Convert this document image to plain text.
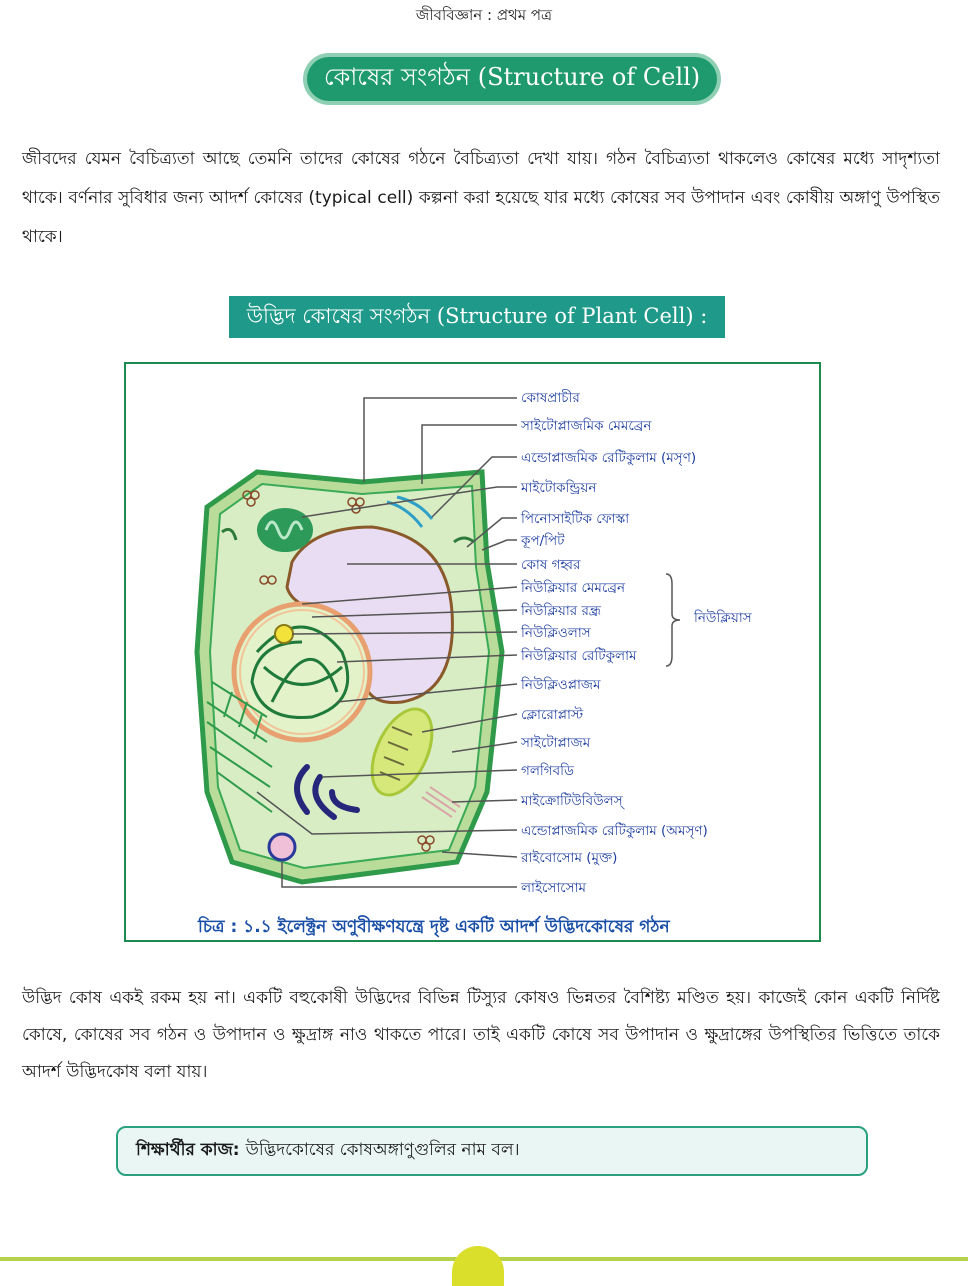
জীববিজ্ঞান : প্রথম পত্র
কোষের সংগঠন (Structure of Cell)
জীবদের যেমন বৈচিত্র্যতা আছে তেমনি তাদের কোষের গঠনে বৈচিত্র্যতা দেখা যায়। গঠন বৈচিত্র্যতা থাকলেও কোষের মধ্যে সাদৃশ্যতা থাকে। বর্ণনার সুবিধার জন্য আদর্শ কোষের (typical cell) কল্পনা করা হয়েছে যার মধ্যে কোষের সব উপাদান এবং কোষীয় অঙ্গাণু উপস্থিত থাকে।
উদ্ভিদ কোষের সংগঠন (Structure of Plant Cell) :
কোষপ্রাচীর
সাইটোপ্লাজমিক মেমব্রেন
এন্ডোপ্লাজমিক রেটিকুলাম (মসৃণ)
মাইটোকন্ড্রিয়ন
পিনোসাইটিক ফোস্কা
কূপ/পিট
কোষ গহ্বর
নিউক্লিয়ার মেমব্রেন
নিউক্লিয়ার রন্ধ্র
নিউক্লিওলাস
নিউক্লিয়ার রেটিকুলাম
নিউক্লিওপ্লাজম
ক্লোরোপ্লাস্ট
সাইটোপ্লাজম
গলগিবডি
মাইক্রোটিউবিউলস্
এন্ডোপ্লাজমিক রেটিকুলাম (অমসৃণ)
রাইবোসোম (মুক্ত)
লাইসোসোম
নিউক্লিয়াস
চিত্র : ১.১ ইলেক্ট্রন অণুবীক্ষণযন্ত্রে দৃষ্ট একটি আদর্শ উদ্ভিদকোষের গঠন
উদ্ভিদ কোষ একই রকম হয় না। একটি বহুকোষী উদ্ভিদের বিভিন্ন টিস্যুর কোষও ভিন্নতর বৈশিষ্ট্য মণ্ডিত হয়। কাজেই কোন একটি নির্দিষ্ট কোষে, কোষের সব গঠন ও উপাদান ও ক্ষুদ্রাঙ্গ নাও থাকতে পারে। তাই একটি কোষে সব উপাদান ও ক্ষুদ্রাঙ্গের উপস্থিতির ভিত্তিতে তাকে আদর্শ উদ্ভিদকোষ বলা যায়।
শিক্ষার্থীর কাজ: উদ্ভিদকোষের কোষঅঙ্গাণুগুলির নাম বল।
